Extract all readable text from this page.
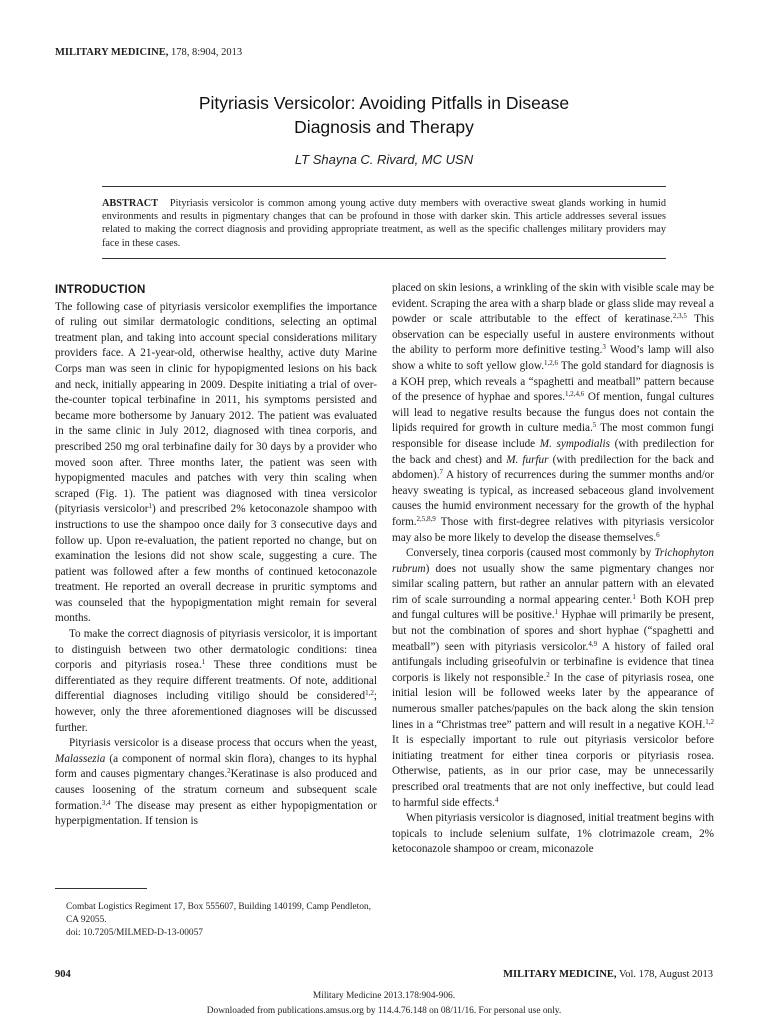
MILITARY MEDICINE, 178, 8:904, 2013
Pityriasis Versicolor: Avoiding Pitfalls in Disease
Diagnosis and Therapy
LT Shayna C. Rivard, MC USN
ABSTRACT Pityriasis versicolor is common among young active duty members with overactive sweat glands working in humid environments and results in pigmentary changes that can be profound in those with darker skin. This article addresses several issues related to making the correct diagnosis and providing appropriate treatment, as well as the specific challenges military providers may face in these cases.
INTRODUCTION

The following case of pityriasis versicolor exemplifies the importance of ruling out similar dermatologic conditions, selecting an optimal treatment plan, and taking into account special considerations military providers face. A 21-year-old, otherwise healthy, active duty Marine Corps man was seen in clinic for hypopigmented lesions on his back and neck, initially appearing in 2009. Despite initiating a trial of over-the-counter topical terbinafine in 2011, his symptoms persisted and became more bothersome by January 2012. The patient was evaluated in the same clinic in July 2012, diagnosed with tinea corporis, and prescribed 250 mg oral terbinafine daily for 30 days by a provider who moved soon after. Three months later, the patient was seen with hypopigmented macules and patches with very thin scaling when scraped (Fig. 1). The patient was diagnosed with tinea versicolor (pityriasis versicolor$^1$) and prescribed 2% ketoconazole shampoo with instructions to use the shampoo once daily for 3 consecutive days and follow up. Upon re-evaluation, the patient reported no change, but on examination the lesions did not show scale, suggesting a cure. The patient was followed after a few months of continued ketoconazole treatment. He reported an overall decrease in pruritic symptoms and was counseled that the hypopigmentation might remain for several months.

To make the correct diagnosis of pityriasis versicolor, it is important to distinguish between two other dermatologic conditions: tinea corporis and pityriasis rosea.$^1$ These three conditions must be differentiated as they require different treatments. Of note, additional differential diagnoses including vitiligo should be considered$^{1,2}$; however, only the three aforementioned diagnoses will be discussed further.

Pityriasis versicolor is a disease process that occurs when the yeast, Malassezia (a component of normal skin flora), changes to its hyphal form and causes pigmentary changes.$^2$Keratinase is also produced and causes loosening of the stratum corneum and subsequent scale formation.$^{3,4}$ The disease may present as either hypopigmentation or hyperpigmentation. If tension is

Combat Logistics Regiment 17, Box 555607, Building 140199, Camp Pendleton, CA 92055.
doi: 10.7205/MILMED-D-13-00057

placed on skin lesions, a wrinkling of the skin with visible scale may be evident. Scraping the area with a sharp blade or glass slide may reveal a powder or scale attributable to the effect of keratinase.$^{2,3,5}$ This observation can be especially useful in austere environments without the ability to perform more definitive testing.$^3$ Wood’s lamp will also show a white to soft yellow glow.$^{1,2,6}$ The gold standard for diagnosis is a KOH prep, which reveals a “spaghetti and meatball” pattern because of the presence of hyphae and spores.$^{1,2,4,6}$ Of mention, fungal cultures will lead to negative results because the fungus does not contain the lipids required for growth in culture media.$^5$ The most common fungi responsible for disease include M. sympodialis (with predilection for the back and chest) and M. furfur (with predilection for the back and abdomen).$^7$ A history of recurrences during the summer months and/or heavy sweating is typical, as increased sebaceous gland involvement causes the humid environment necessary for the growth of the hyphal form.$^{2,5,8,9}$ Those with first-degree relatives with pityriasis versicolor may also be more likely to develop the disease themselves.$^6$

Conversely, tinea corporis (caused most commonly by Trichophyton rubrum) does not usually show the same pigmentary changes nor similar scaling pattern, but rather an annular pattern with an elevated rim of scale surrounding a normal appearing center.$^1$ Both KOH prep and fungal cultures will be positive.$^1$ Hyphae will primarily be present, but not the combination of spores and short hyphae (“spaghetti and meatball”) seen with pityriasis versicolor.$^{4,9}$ A history of failed oral antifungals including griseofulvin or terbinafine is evidence that tinea corporis is likely not responsible.$^2$ In the case of pityriasis rosea, one initial lesion will be followed weeks later by the appearance of numerous smaller patches/papules on the back along the skin tension lines in a “Christmas tree” pattern and will result in a negative KOH.$^{1,2}$ It is especially important to rule out pityriasis versicolor before initiating treatment for either tinea corporis or pityriasis rosea. Otherwise, patients, as in our prior case, may be unnecessarily prescribed oral treatments that are not only ineffective, but could lead to harmful side effects.$^4$

When pityriasis versicolor is diagnosed, initial treatment begins with topicals to include selenium sulfate, 1% clotrimazole cream, 2% ketoconazole shampoo or cream, miconazole

904	MILITARY MEDICINE, Vol. 178, August 2013
Military Medicine 2013.178:904-906.
Downloaded from publications.amsus.org by 114.4.76.148 on 08/11/16. For personal use only.
